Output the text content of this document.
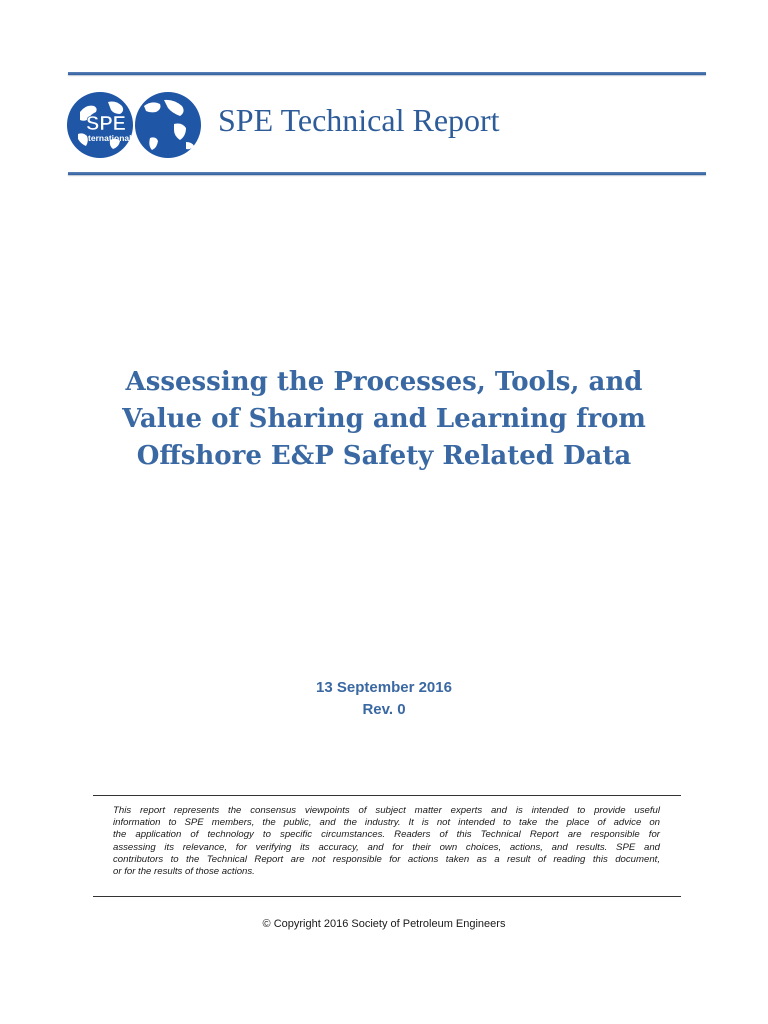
SPE
International	SPE Technical Report
Assessing the Processes, Tools, and
Value of Sharing and Learning from
Offshore E&P Safety Related Data
13 September 2016
Rev. 0
This report represents the consensus viewpoints of subject matter experts and is intended to provide useful
information to SPE members, the public, and the industry. It is not intended to take the place of advice on
the application of technology to specific circumstances. Readers of this Technical Report are responsible for
assessing its relevance, for verifying its accuracy, and for their own choices, actions, and results. SPE and
contributors to the Technical Report are not responsible for actions taken as a result of reading this document,
or for the results of those actions.
© Copyright 2016 Society of Petroleum Engineers
